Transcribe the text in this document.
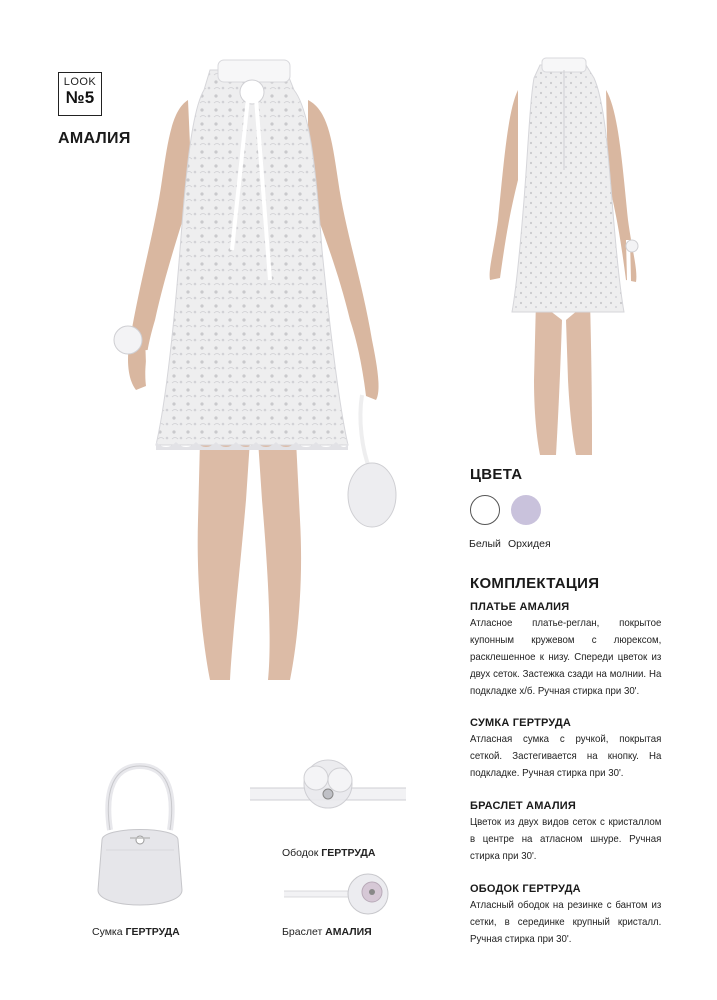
LOOK
№5
АМАЛИЯ
ЦВЕТА
Белый Орхидея
КОМПЛЕКТАЦИЯ
ПЛАТЬЕ АМАЛИЯ
Атласное платье-реглан, покрытое купонным кружевом с люрексом, расклешенное к низу. Спереди цветок из двух сеток. Застежка сзади на молнии. На подкладке х/б. Ручная стирка при 30'.
СУМКА ГЕРТРУДА
Атласная сумка с ручкой, покрытая сеткой. Застегивается на кнопку. На подкладке. Ручная стирка при 30'.
БРАСЛЕТ АМАЛИЯ
Цветок из двух видов сеток с кристаллом в центре на атласном шнуре. Ручная стирка при 30'.
ОБОДОК ГЕРТРУДА
Атласный ободок на резинке с бантом из сетки, в серединке крупный кристалл. Ручная стирка при 30'.
Сумка ГЕРТРУДА
Ободок ГЕРТРУДА
Браслет АМАЛИЯ
